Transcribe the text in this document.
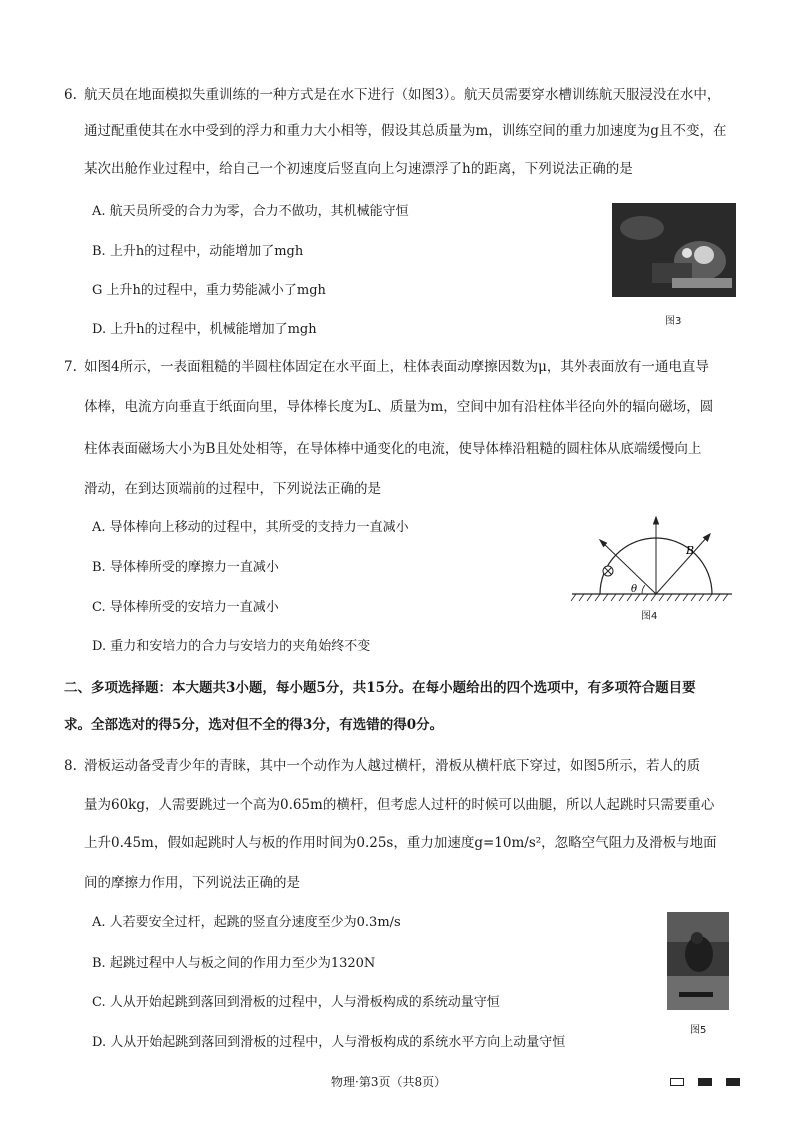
6. 航天员在地面模拟失重训练的一种方式是在水下进行（如图3）。航天员需要穿水槽训练航天服浸没在水中，
通过配重使其在水中受到的浮力和重力大小相等，假设其总质量为m，训练空间的重力加速度为g且不变，在
某次出舱作业过程中，给自己一个初速度后竖直向上匀速漂浮了h的距离，下列说法正确的是
A. 航天员所受的合力为零，合力不做功，其机械能守恒
B. 上升h的过程中，动能增加了mgh
G 上升h的过程中，重力势能减小了mgh
D. 上升h的过程中，机械能增加了mgh
图3
7. 如图4所示，一表面粗糙的半圆柱体固定在水平面上，柱体表面动摩擦因数为μ，其外表面放有一通电直导
体棒，电流方向垂直于纸面向里，导体棒长度为L、质量为m，空间中加有沿柱体半径向外的辐向磁场，圆
柱体表面磁场大小为B且处处相等，在导体棒中通变化的电流，使导体棒沿粗糙的圆柱体从底端缓慢向上
滑动，在到达顶端前的过程中，下列说法正确的是
A. 导体棒向上移动的过程中，其所受的支持力一直减小
B. 导体棒所受的摩擦力一直减小
C. 导体棒所受的安培力一直减小
D. 重力和安培力的合力与安培力的夹角始终不变
B
θ
图4
二、多项选择题：本大题共3小题，每小题5分，共15分。在每小题给出的四个选项中，有多项符合题目要
求。全部选对的得5分，选对但不全的得3分，有选错的得0分。
8. 滑板运动备受青少年的青睐，其中一个动作为人越过横杆，滑板从横杆底下穿过，如图5所示，若人的质
量为60kg，人需要跳过一个高为0.65m的横杆，但考虑人过杆的时候可以曲腿，所以人起跳时只需要重心
上升0.45m，假如起跳时人与板的作用时间为0.25s，重力加速度g=10m/s²，忽略空气阻力及滑板与地面
间的摩擦力作用，下列说法正确的是
A. 人若要安全过杆，起跳的竖直分速度至少为0.3m/s
B. 起跳过程中人与板之间的作用力至少为1320N
C. 人从开始起跳到落回到滑板的过程中，人与滑板构成的系统动量守恒
D. 人从开始起跳到落回到滑板的过程中，人与滑板构成的系统水平方向上动量守恒
图5
物理·第3页（共8页）
